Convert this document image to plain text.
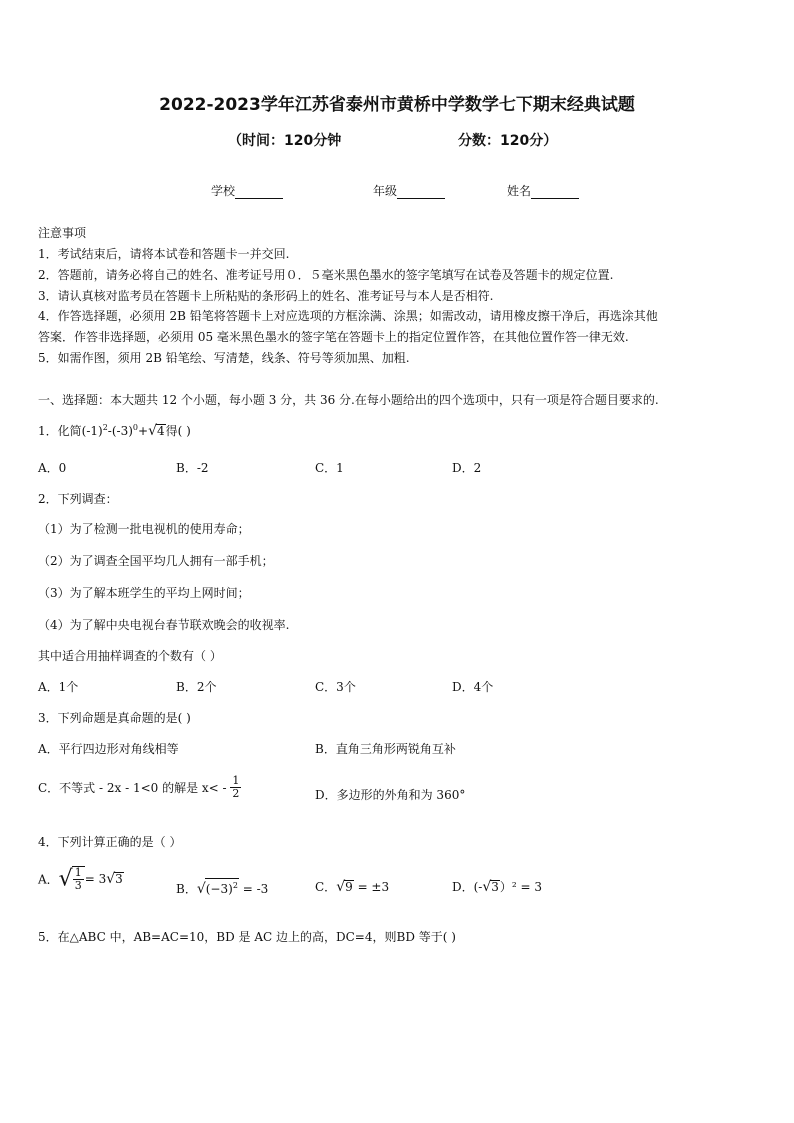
2022-2023学年江苏省泰州市黄桥中学数学七下期末经典试题
（时间：120分钟	分数：120分）
学校	年级	姓名
注意事项
1．考试结束后，请将本试卷和答题卡一并交回.
2．答题前，请务必将自己的姓名、准考证号用０．５毫米黑色墨水的签字笔填写在试卷及答题卡的规定位置.
3．请认真核对监考员在答题卡上所粘贴的条形码上的姓名、准考证号与本人是否相符.
4．作答选择题，必须用 2B 铅笔将答题卡上对应选项的方框涂满、涂黑；如需改动，请用橡皮擦干净后，再选涂其他
答案．作答非选择题，必须用 05 毫米黑色墨水的签字笔在答题卡上的指定位置作答，在其他位置作答一律无效.
5．如需作图，须用 2B 铅笔绘、写清楚，线条、符号等须加黑、加粗.
一、选择题：本大题共 12 个小题，每小题 3 分，共 36 分.在每小题给出的四个选项中，只有一项是符合题目要求的.
1．化简$(-1)^2-(-3)^0+√4$得( )
A．0	B．-2	C．1	D．2
2．下列调查：
（1）为了检测一批电视机的使用寿命；
（2）为了调查全国平均几人拥有一部手机；
（3）为了解本班学生的平均上网时间；
（4）为了解中央电视台春节联欢晚会的收视率.
其中适合用抽样调查的个数有（ ）
A．1个	B．2个	C．3个	D．4个
3．下列命题是真命题的是( )
A．平行四边形对角线相等	B．直角三角形两锐角互补
C．不等式 - 2x - 1<0 的解是 $x< - \frac{1}{2}$	D．多边形的外角和为 360°
4．下列计算正确的是（ ）
A．√ $\frac{1}{3} = 3√3$
B．$√(-3)^2 = -3$	C．√9 = ±3	D．(-√3）² = 3
5．在△ABC 中，AB=AC=10，BD 是 AC 边上的高，DC=4，则BD 等于( )
